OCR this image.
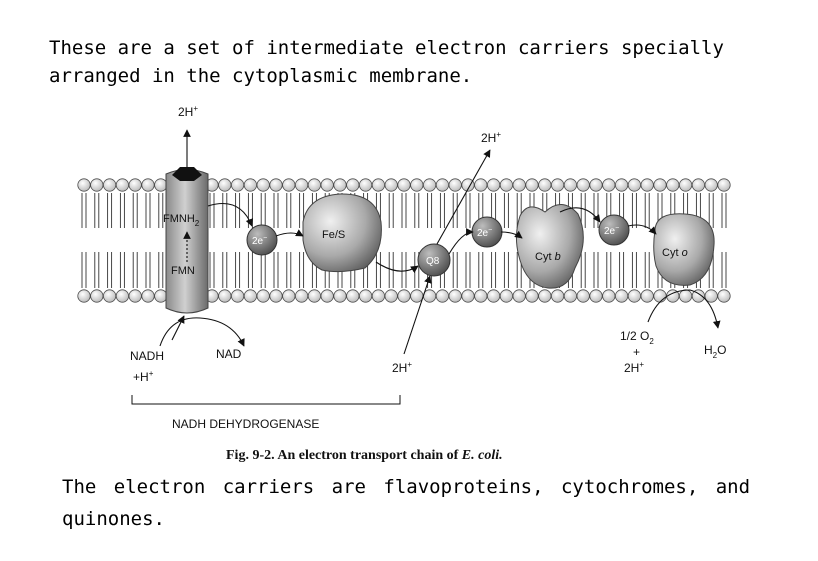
These are a set of intermediate electron carriers specially
arranged in the cytoplasmic membrane.
2H+
2H+
$FMNH_2$
FMN
2e−	2e−	2e−
Fe/S
Q8	Cyt b	Cyt o
NADH
+H+
NAD
2H+
1/2 $O_2$
+
2H+
$H_2O$
NADH DEHYDROGENASE
Fig. 9-2. An electron transport chain of E. coli.
The electron carriers are flavoproteins, cytochromes, and
quinones.
